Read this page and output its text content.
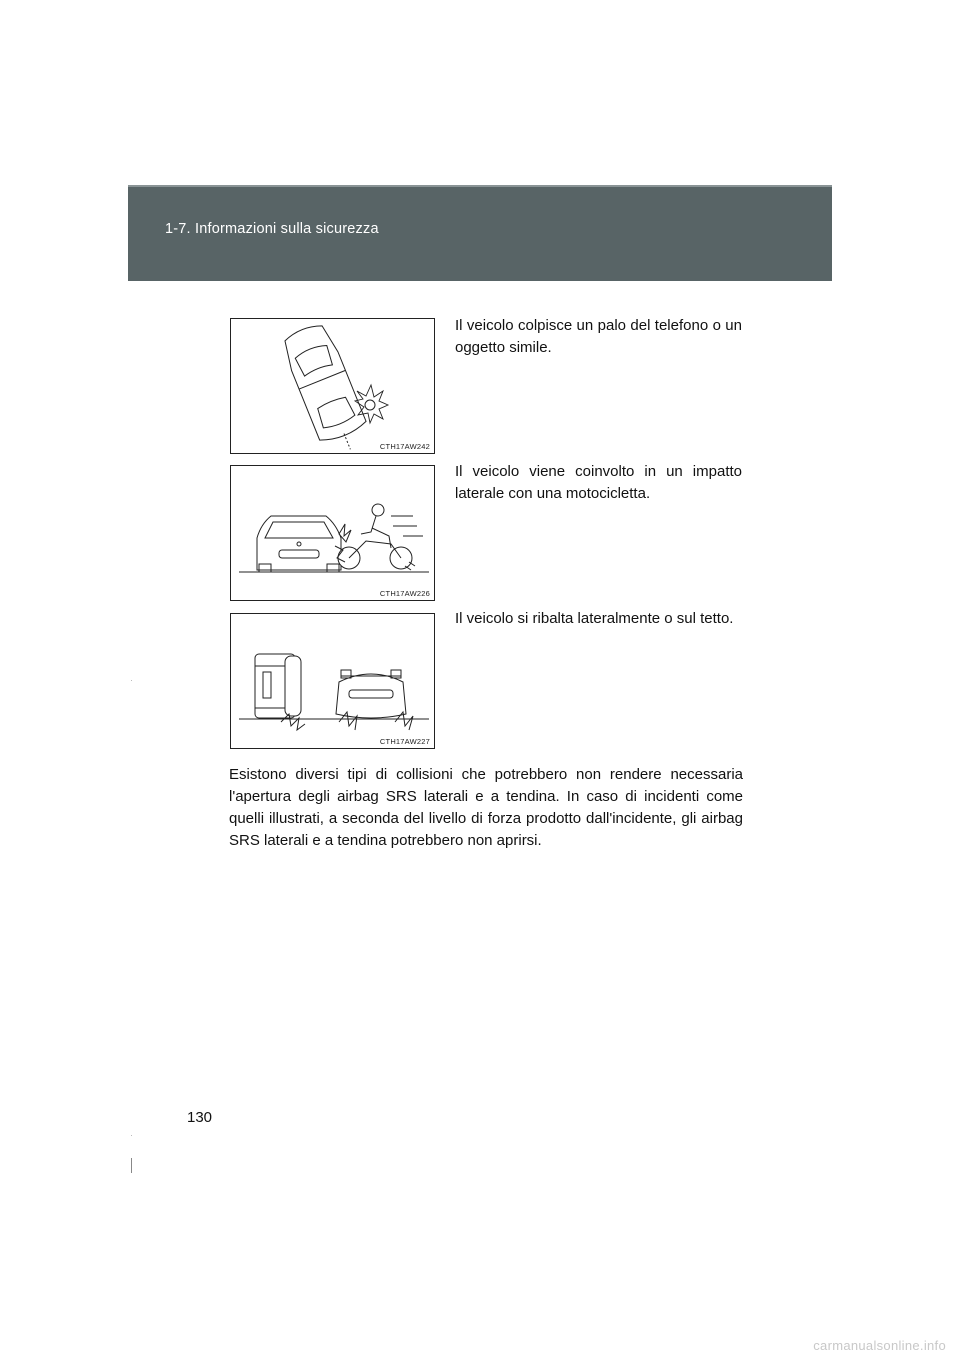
1-7. Informazioni sulla sicurezza
CTH17AW242
Il veicolo colpisce un palo del telefono o un oggetto simile.
CTH17AW226
Il veicolo viene coinvolto in un impatto laterale con una motocicletta.
CTH17AW227
Il veicolo si ribalta lateralmente o sul tetto.
Esistono diversi tipi di collisioni che potrebbero non rendere necessaria l'apertura degli airbag SRS laterali e a tendina. In caso di incidenti come quelli illustrati, a seconda del livello di forza prodotto dall'incidente, gli airbag SRS laterali e a tendina potrebbero non aprirsi.
130
carmanualsonline.info
